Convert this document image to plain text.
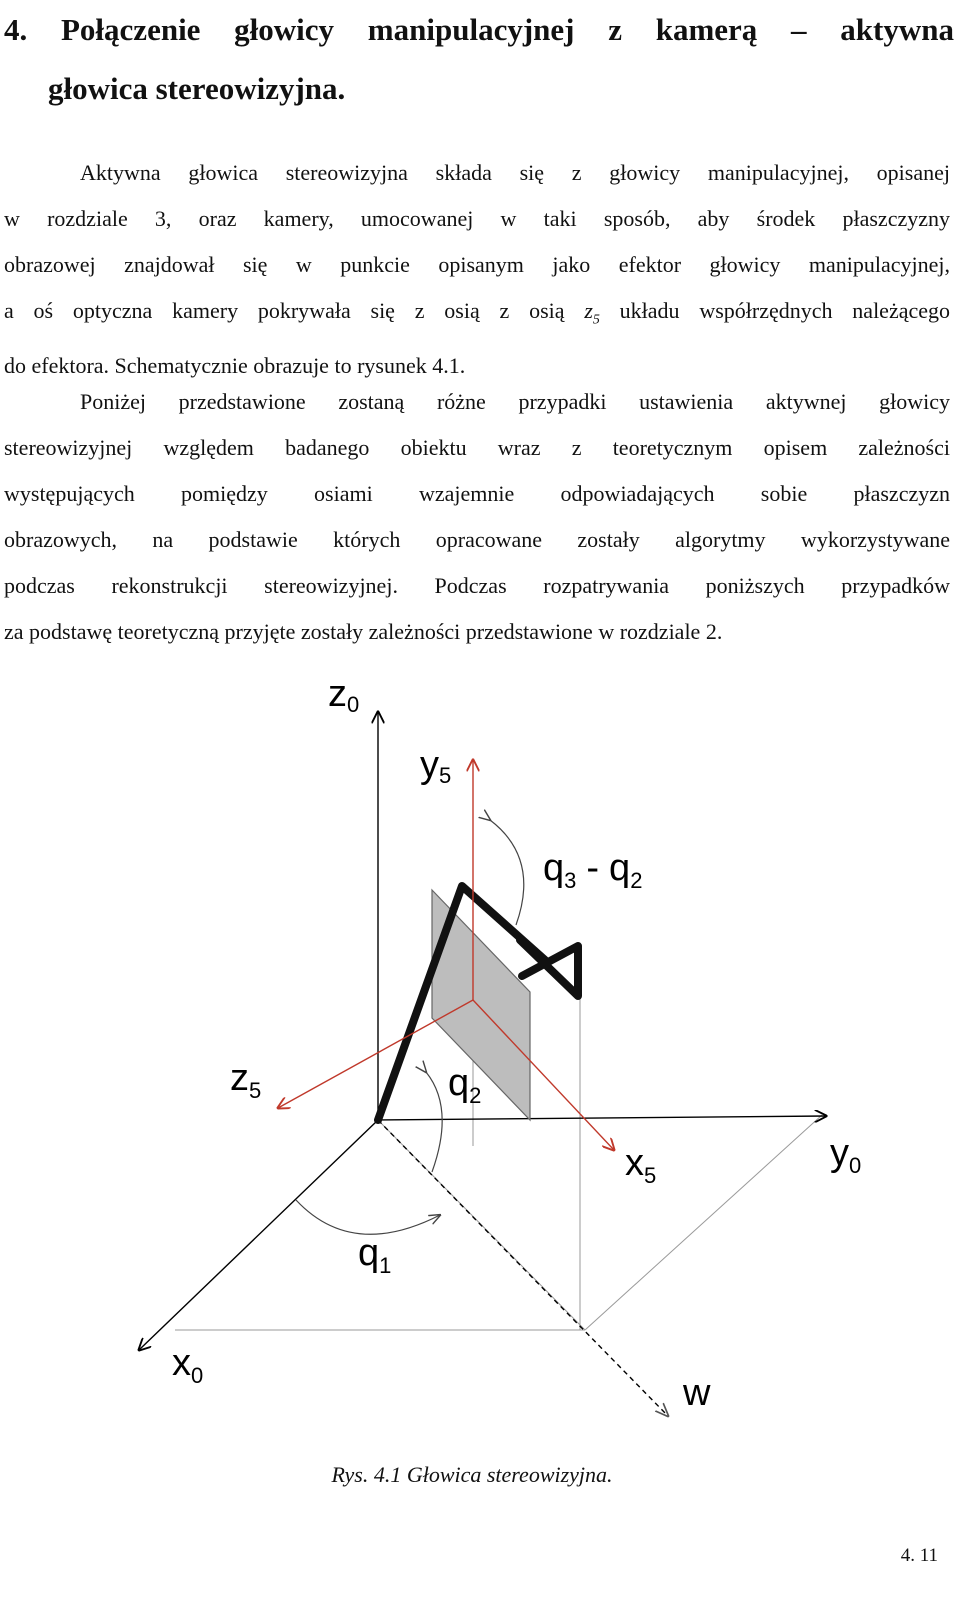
4. Połączenie głowicy manipulacyjnej z kamerą – aktywna
głowica stereowizyjna.
Aktywna głowica stereowizyjna składa się z głowicy manipulacyjnej, opisanej
w rozdziale 3, oraz kamery, umocowanej w taki sposób, aby środek płaszczyzny
obrazowej znajdował się w punkcie opisanym jako efektor głowicy manipulacyjnej,
a oś optyczna kamery pokrywała się z osią z osią $z_5$ układu współrzędnych należącego
do efektora. Schematycznie obrazuje to rysunek 4.1.
Poniżej przedstawione zostaną różne przypadki ustawienia aktywnej głowicy
stereowizyjnej względem badanego obiektu wraz z teoretycznym opisem zależności
występujących pomiędzy osiami wzajemnie odpowiadających sobie płaszczyzn
obrazowych, na podstawie których opracowane zostały algorytmy wykorzystywane
podczas rekonstrukcji stereowizyjnej. Podczas rozpatrywania poniższych przypadków
za podstawę teoretyczną przyjęte zostały zależności przedstawione w rozdziale 2.
z0
y5
$q_3 - q_2$
$z_5$	$q_2$
$x_5$
$y_0$
$q_1$
$x_0$	w

Rys. 4.1 Głowica stereowizyjna.

4. 11
